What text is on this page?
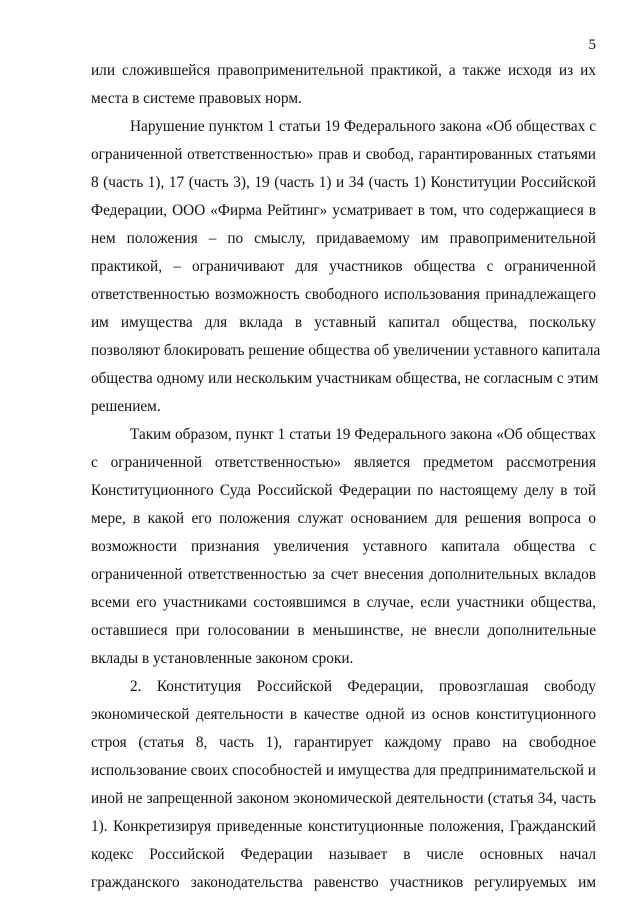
5
или сложившейся правоприменительной практикой, а также исходя из их
места в системе правовых норм.
Нарушение пунктом 1 статьи 19 Федерального закона «Об обществах с
ограниченной ответственностью» прав и свобод, гарантированных статьями
8 (часть 1), 17 (часть 3), 19 (часть 1) и 34 (часть 1) Конституции Российской
Федерации, ООО «Фирма Рейтинг» усматривает в том, что содержащиеся в
нем положения – по смыслу, придаваемому им правоприменительной
практикой, – ограничивают для участников общества с ограниченной
ответственностью возможность свободного использования принадлежащего
им имущества для вклада в уставный капитал общества, поскольку
позволяют блокировать решение общества об увеличении уставного капитала
общества одному или нескольким участникам общества, не согласным с этим
решением.
Таким образом, пункт 1 статьи 19 Федерального закона «Об обществах
с ограниченной ответственностью» является предметом рассмотрения
Конституционного Суда Российской Федерации по настоящему делу в той
мере, в какой его положения служат основанием для решения вопроса о
возможности признания увеличения уставного капитала общества с
ограниченной ответственностью за счет внесения дополнительных вкладов
всеми его участниками состоявшимся в случае, если участники общества,
оставшиеся при голосовании в меньшинстве, не внесли дополнительные
вклады в установленные законом сроки.
2. Конституция Российской Федерации, провозглашая свободу
экономической деятельности в качестве одной из основ конституционного
строя (статья 8, часть 1), гарантирует каждому право на свободное
использование своих способностей и имущества для предпринимательской и
иной не запрещенной законом экономической деятельности (статья 34, часть
1). Конкретизируя приведенные конституционные положения, Гражданский
кодекс Российской Федерации называет в числе основных начал
гражданского законодательства равенство участников регулируемых им
